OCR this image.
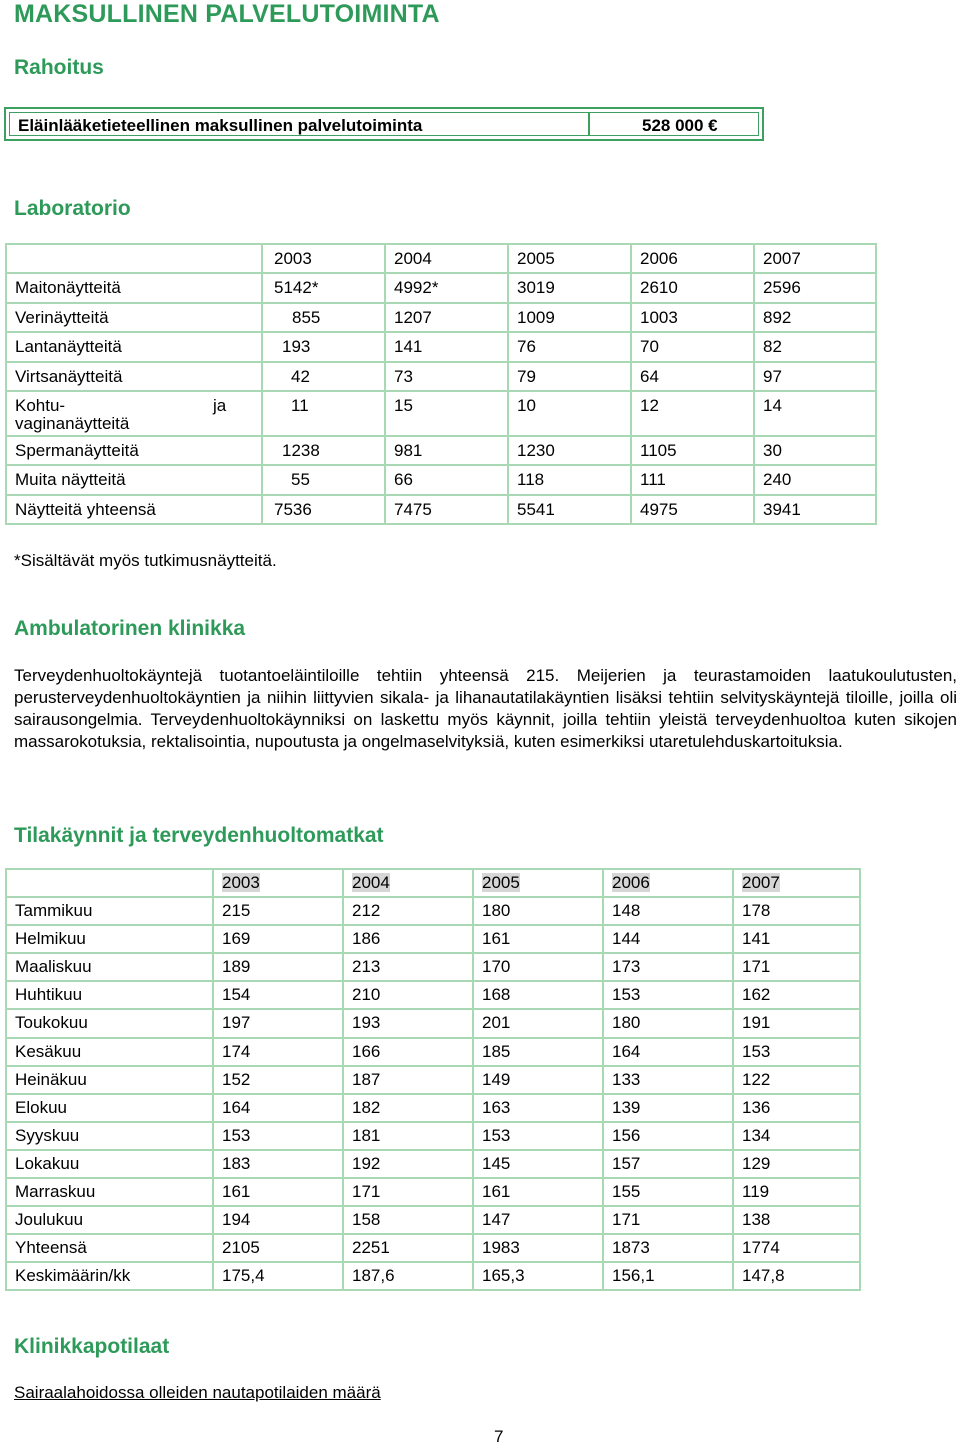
MAKSULLINEN PALVELUTOIMINTA
Rahoitus
Eläinlääketieteellinen maksullinen palvelutoiminta	528 000 €
Laboratorio
	2003	2004	2005	2006	2007
Maitonäytteitä	5142*	4992*	3019	2610	2596
Verinäytteitä	855	1207	1009	1003	892
Lantanäytteitä	193	141	76	70	82
Virtsanäytteitä	42	73	79	64	97

Kohtu- ja
vaginanäytteitä	11	15	10	12	14
Spermanäytteitä	1238	981	1230	1105	30
Muita näytteitä	55	66	118	111	240
Näytteitä yhteensä	7536	7475	5541	4975	3941
*Sisältävät myös tutkimusnäytteitä.
Ambulatorinen klinikka
Terveydenhuoltokäyntejä tuotantoeläintiloille tehtiin yhteensä 215. Meijerien ja teurastamoiden laatukoulutusten, perusterveydenhuoltokäyntien ja niihin liittyvien sikala- ja lihanautatilakäyntien lisäksi tehtiin selvityskäyntejä tiloille, joilla oli sairausongelmia. Terveydenhuoltokäynniksi on laskettu myös käynnit, joilla tehtiin yleistä terveydenhuoltoa kuten sikojen massarokotuksia, rektalisointia, nupoutusta ja ongelmaselvityksiä, kuten esimerkiksi utaretulehduskartoituksia.
Tilakäynnit ja terveydenhuoltomatkat
	2003	2004	2005	2006	2007
Tammikuu	215	212	180	148	178
Helmikuu	169	186	161	144	141
Maaliskuu	189	213	170	173	171
Huhtikuu	154	210	168	153	162
Toukokuu	197	193	201	180	191
Kesäkuu	174	166	185	164	153
Heinäkuu	152	187	149	133	122
Elokuu	164	182	163	139	136
Syyskuu	153	181	153	156	134
Lokakuu	183	192	145	157	129
Marraskuu	161	171	161	155	119
Joulukuu	194	158	147	171	138
Yhteensä	2105	2251	1983	1873	1774
Keskimäärin/kk	175,4	187,6	165,3	156,1	147,8
Klinikkapotilaat
Sairaalahoidossa olleiden nautapotilaiden määrä
7
